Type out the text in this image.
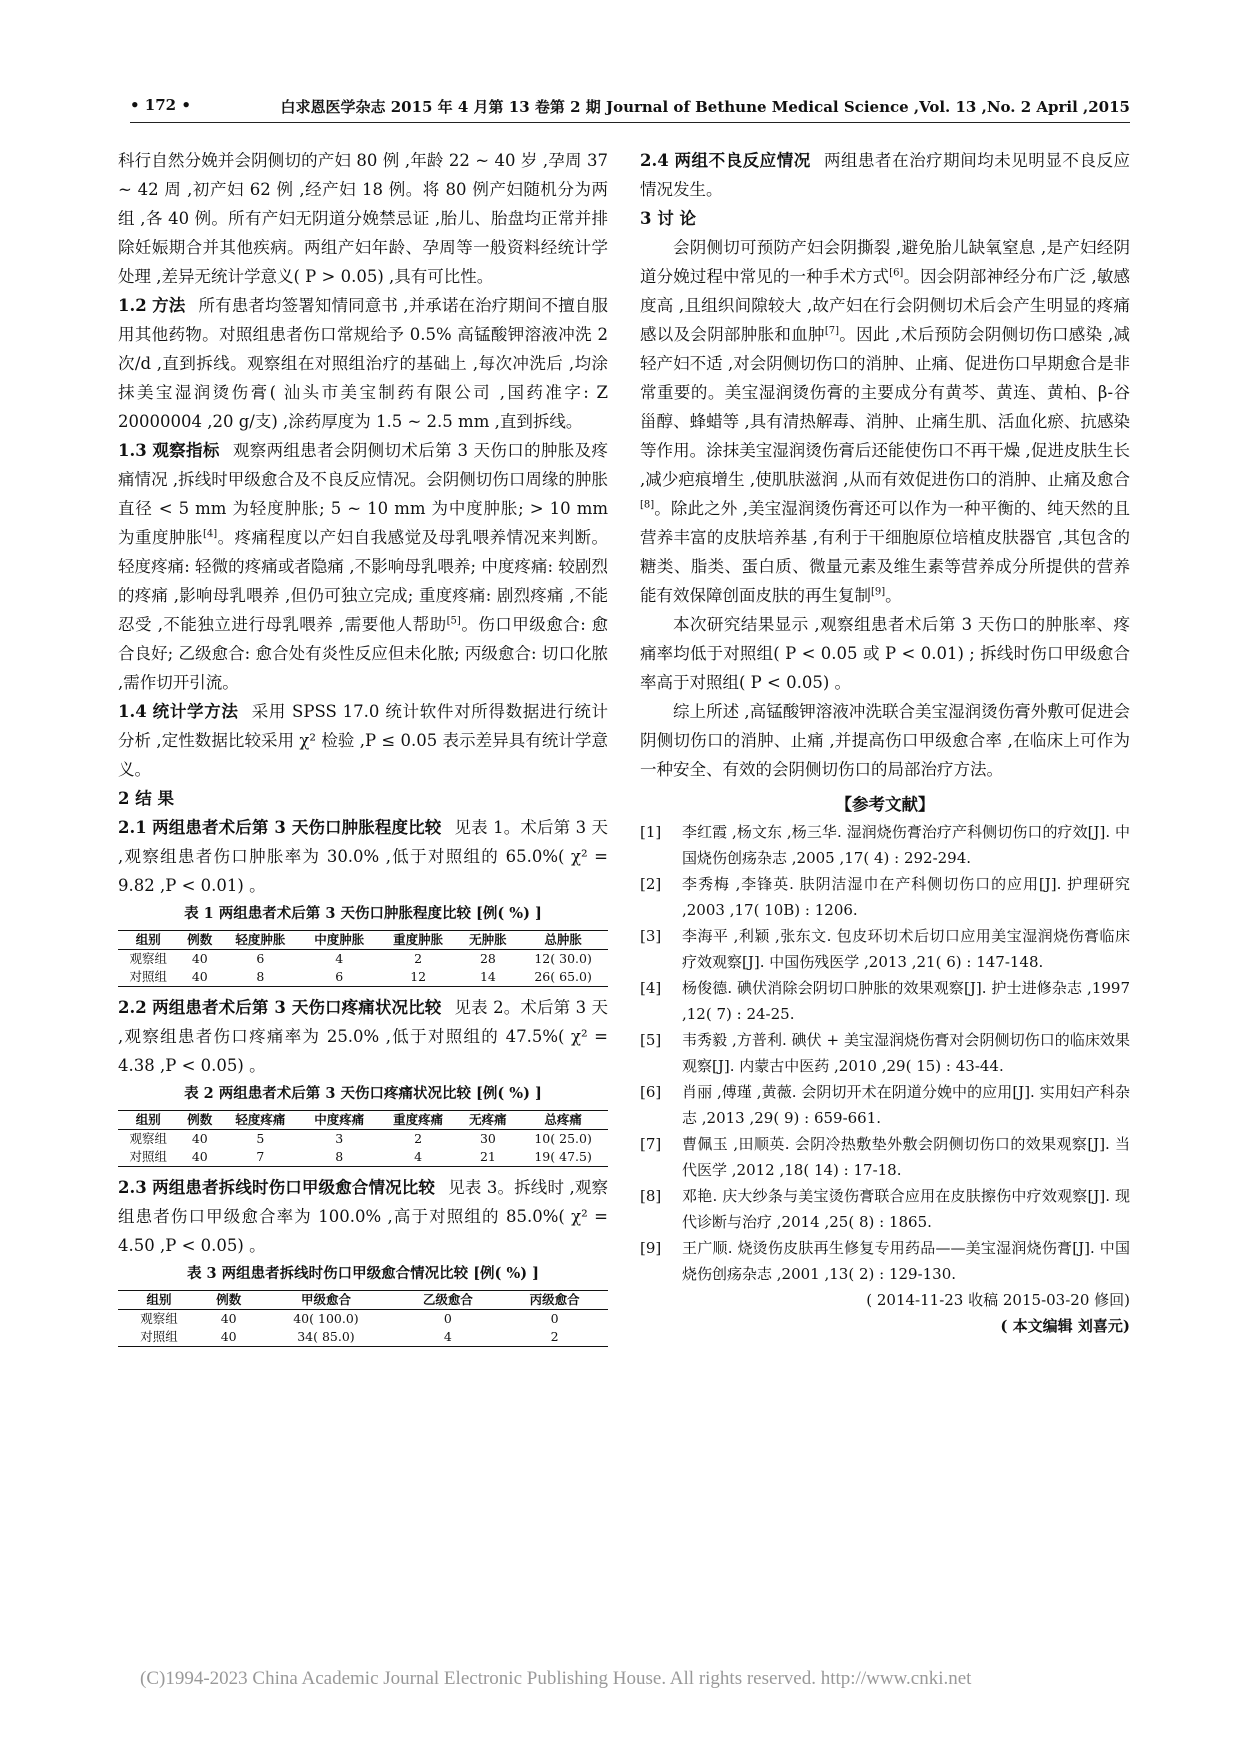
• 172 •	白求恩医学杂志 2015 年 4 月第 13 卷第 2 期 Journal of Bethune Medical Science ,Vol. 13 ,No. 2 April ,2015

科行自然分娩并会阴侧切的产妇 80 例 ,年龄 22 ~ 40 岁 ,孕周 37 ~ 42 周 ,初产妇 62 例 ,经产妇 18 例。将 80 例产妇随机分为两组 ,各 40 例。所有产妇无阴道分娩禁忌证 ,胎儿、胎盘均正常并排除妊娠期合并其他疾病。两组产妇年龄、孕周等一般资料经统计学处理 ,差异无统计学意义( P > 0.05) ,具有可比性。

1.2 方法 所有患者均签署知情同意书 ,并承诺在治疗期间不擅自服用其他药物。对照组患者伤口常规给予 0.5% 高锰酸钾溶液冲洗 2 次/d ,直到拆线。观察组在对照组治疗的基础上 ,每次冲洗后 ,均涂抹美宝湿润烫伤膏( 汕头市美宝制药有限公司 ,国药准字: Z 20000004 ,20 g/支) ,涂药厚度为 1.5 ~ 2.5 mm ,直到拆线。

1.3 观察指标 观察两组患者会阴侧切术后第 3 天伤口的肿胀及疼痛情况 ,拆线时甲级愈合及不良反应情况。会阴侧切伤口周缘的肿胀直径 < 5 mm 为轻度肿胀; 5 ~ 10 mm 为中度肿胀; > 10 mm 为重度肿胀[4]。疼痛程度以产妇自我感觉及母乳喂养情况来判断。轻度疼痛: 轻微的疼痛或者隐痛 ,不影响母乳喂养; 中度疼痛: 较剧烈的疼痛 ,影响母乳喂养 ,但仍可独立完成; 重度疼痛: 剧烈疼痛 ,不能忍受 ,不能独立进行母乳喂养 ,需要他人帮助[5]。伤口甲级愈合: 愈合良好; 乙级愈合: 愈合处有炎性反应但未化脓; 丙级愈合: 切口化脓 ,需作切开引流。

1.4 统计学方法 采用 SPSS 17.0 统计软件对所得数据进行统计分析 ,定性数据比较采用 χ² 检验 ,P ≤ 0.05 表示差异具有统计学意义。

2 结 果

2.1 两组患者术后第 3 天伤口肿胀程度比较 见表 1。术后第 3 天 ,观察组患者伤口肿胀率为 30.0% ,低于对照组的 65.0%( χ² = 9.82 ,P < 0.01) 。

表 1 两组患者术后第 3 天伤口肿胀程度比较 [例( %) ]
组别	例数	轻度肿胀	中度肿胀	重度肿胀	无肿胀	总肿胀
观察组	40	6	4	2	28	12( 30.0)
对照组	40	8	6	12	14	26( 65.0)

2.2 两组患者术后第 3 天伤口疼痛状况比较 见表 2。术后第 3 天 ,观察组患者伤口疼痛率为 25.0% ,低于对照组的 47.5%( χ² = 4.38 ,P < 0.05) 。

表 2 两组患者术后第 3 天伤口疼痛状况比较 [例( %) ]
组别	例数	轻度疼痛	中度疼痛	重度疼痛	无疼痛	总疼痛
观察组	40	5	3	2	30	10( 25.0)
对照组	40	7	8	4	21	19( 47.5)

2.3 两组患者拆线时伤口甲级愈合情况比较 见表 3。拆线时 ,观察组患者伤口甲级愈合率为 100.0% ,高于对照组的 85.0%( χ² = 4.50 ,P < 0.05) 。

表 3 两组患者拆线时伤口甲级愈合情况比较 [例( %) ]
组别	例数	甲级愈合	乙级愈合	丙级愈合
观察组	40	40( 100.0)	0	0
对照组	40	34( 85.0)	4	2

2.4 两组不良反应情况 两组患者在治疗期间均未见明显不良反应情况发生。

3 讨 论

会阴侧切可预防产妇会阴撕裂 ,避免胎儿缺氧窒息 ,是产妇经阴道分娩过程中常见的一种手术方式[6]。因会阴部神经分布广泛 ,敏感度高 ,且组织间隙较大 ,故产妇在行会阴侧切术后会产生明显的疼痛感以及会阴部肿胀和血肿[7]。因此 ,术后预防会阴侧切伤口感染 ,减轻产妇不适 ,对会阴侧切伤口的消肿、止痛、促进伤口早期愈合是非常重要的。美宝湿润烫伤膏的主要成分有黄芩、黄连、黄柏、β-谷甾醇、蜂蜡等 ,具有清热解毒、消肿、止痛生肌、活血化瘀、抗感染等作用。涂抹美宝湿润烫伤膏后还能使伤口不再干燥 ,促进皮肤生长 ,减少疤痕增生 ,使肌肤滋润 ,从而有效促进伤口的消肿、止痛及愈合[8]。除此之外 ,美宝湿润烫伤膏还可以作为一种平衡的、纯天然的且营养丰富的皮肤培养基 ,有利于干细胞原位培植皮肤器官 ,其包含的糖类、脂类、蛋白质、微量元素及维生素等营养成分所提供的营养能有效保障创面皮肤的再生复制[9]。

本次研究结果显示 ,观察组患者术后第 3 天伤口的肿胀率、疼痛率均低于对照组( P < 0.05 或 P < 0.01) ; 拆线时伤口甲级愈合率高于对照组( P < 0.05) 。

综上所述 ,高锰酸钾溶液冲洗联合美宝湿润烫伤膏外敷可促进会阴侧切伤口的消肿、止痛 ,并提高伤口甲级愈合率 ,在临床上可作为一种安全、有效的会阴侧切伤口的局部治疗方法。

【参考文献】
[1]	李红霞 ,杨文东 ,杨三华. 湿润烧伤膏治疗产科侧切伤口的疗效[J]. 中国烧伤创疡杂志 ,2005 ,17( 4) : 292-294.
[2]	李秀梅 ,李锋英. 肤阴洁湿巾在产科侧切伤口的应用[J]. 护理研究 ,2003 ,17( 10B) : 1206.
[3]	李海平 ,利颖 ,张东文. 包皮环切术后切口应用美宝湿润烧伤膏临床疗效观察[J]. 中国伤残医学 ,2013 ,21( 6) : 147-148.
[4]	杨俊德. 碘伏消除会阴切口肿胀的效果观察[J]. 护士进修杂志 ,1997 ,12( 7) : 24-25.
[5]	韦秀毅 ,方普利. 碘伏 + 美宝湿润烧伤膏对会阴侧切伤口的临床效果观察[J]. 内蒙古中医药 ,2010 ,29( 15) : 43-44.
[6]	肖丽 ,傅瑾 ,黄薇. 会阴切开术在阴道分娩中的应用[J]. 实用妇产科杂志 ,2013 ,29( 9) : 659-661.
[7]	曹佩玉 ,田顺英. 会阴冷热敷垫外敷会阴侧切伤口的效果观察[J]. 当代医学 ,2012 ,18( 14) : 17-18.
[8]	邓艳. 庆大纱条与美宝烫伤膏联合应用在皮肤擦伤中疗效观察[J]. 现代诊断与治疗 ,2014 ,25( 8) : 1865.
[9]	王广顺. 烧烫伤皮肤再生修复专用药品——美宝湿润烧伤膏[J]. 中国烧伤创疡杂志 ,2001 ,13( 2) : 129-130.
( 2014-11-23 收稿 2015-03-20 修回)
( 本文编辑 刘喜元)
(C)1994-2023 China Academic Journal Electronic Publishing House. All rights reserved. http://www.cnki.net
